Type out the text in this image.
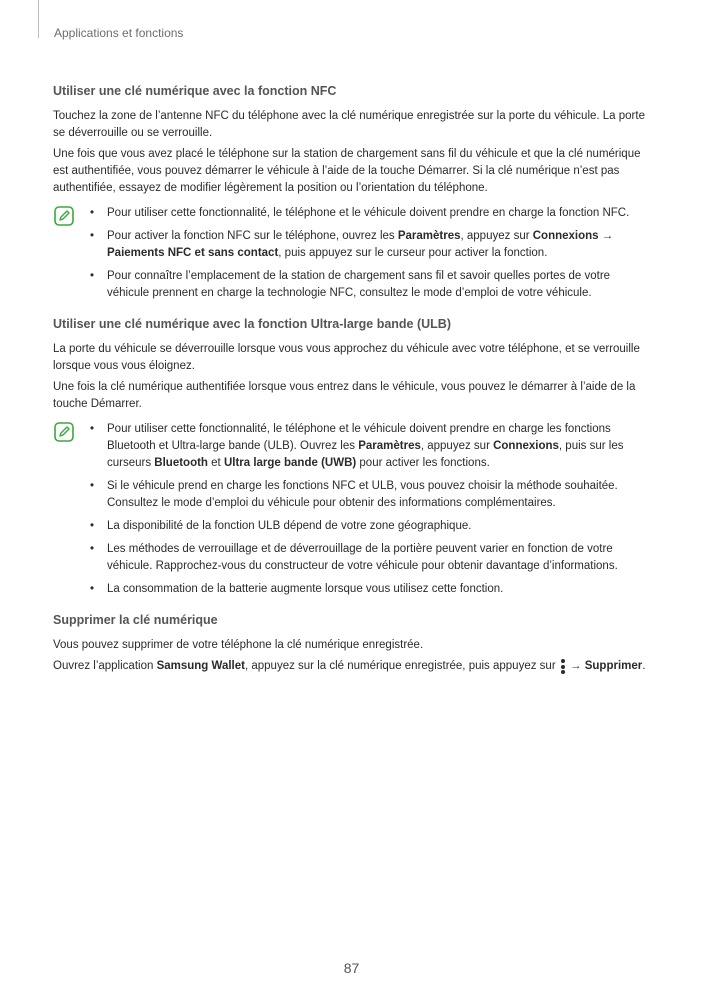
Applications et fonctions
Utiliser une clé numérique avec la fonction NFC

Touchez la zone de l’antenne NFC du téléphone avec la clé numérique enregistrée sur la porte du véhicule. La porte se déverrouille ou se verrouille.

Une fois que vous avez placé le téléphone sur la station de chargement sans fil du véhicule et que la clé numérique est authentifiée, vous pouvez démarrer le véhicule à l’aide de la touche Démarrer. Si la clé numérique n’est pas authentifiée, essayez de modifier légèrement la position ou l’orientation du téléphone.

• Pour utiliser cette fonctionnalité, le téléphone et le véhicule doivent prendre en charge la fonction NFC.
• Pour activer la fonction NFC sur le téléphone, ouvrez les Paramètres, appuyez sur Connexions → Paiements NFC et sans contact, puis appuyez sur le curseur pour activer la fonction.
• Pour connaître l’emplacement de la station de chargement sans fil et savoir quelles portes de votre véhicule prennent en charge la technologie NFC, consultez le mode d’emploi de votre véhicule.
Utiliser une clé numérique avec la fonction Ultra-large bande (ULB)

La porte du véhicule se déverrouille lorsque vous vous approchez du véhicule avec votre téléphone, et se verrouille lorsque vous vous éloignez.

Une fois la clé numérique authentifiée lorsque vous entrez dans le véhicule, vous pouvez le démarrer à l’aide de la touche Démarrer.

• Pour utiliser cette fonctionnalité, le téléphone et le véhicule doivent prendre en charge les fonctions Bluetooth et Ultra-large bande (ULB). Ouvrez les Paramètres, appuyez sur Connexions, puis sur les curseurs Bluetooth et Ultra large bande (UWB) pour activer les fonctions.
• Si le véhicule prend en charge les fonctions NFC et ULB, vous pouvez choisir la méthode souhaitée. Consultez le mode d’emploi du véhicule pour obtenir des informations complémentaires.
• La disponibilité de la fonction ULB dépend de votre zone géographique.
• Les méthodes de verrouillage et de déverrouillage de la portière peuvent varier en fonction de votre véhicule. Rapprochez-vous du constructeur de votre véhicule pour obtenir davantage d’informations.
• La consommation de la batterie augmente lorsque vous utilisez cette fonction.
Supprimer la clé numérique

Vous pouvez supprimer de votre téléphone la clé numérique enregistrée.

Ouvrez l’application Samsung Wallet, appuyez sur la clé numérique enregistrée, puis appuyez sur
→ Supprimer.

87
